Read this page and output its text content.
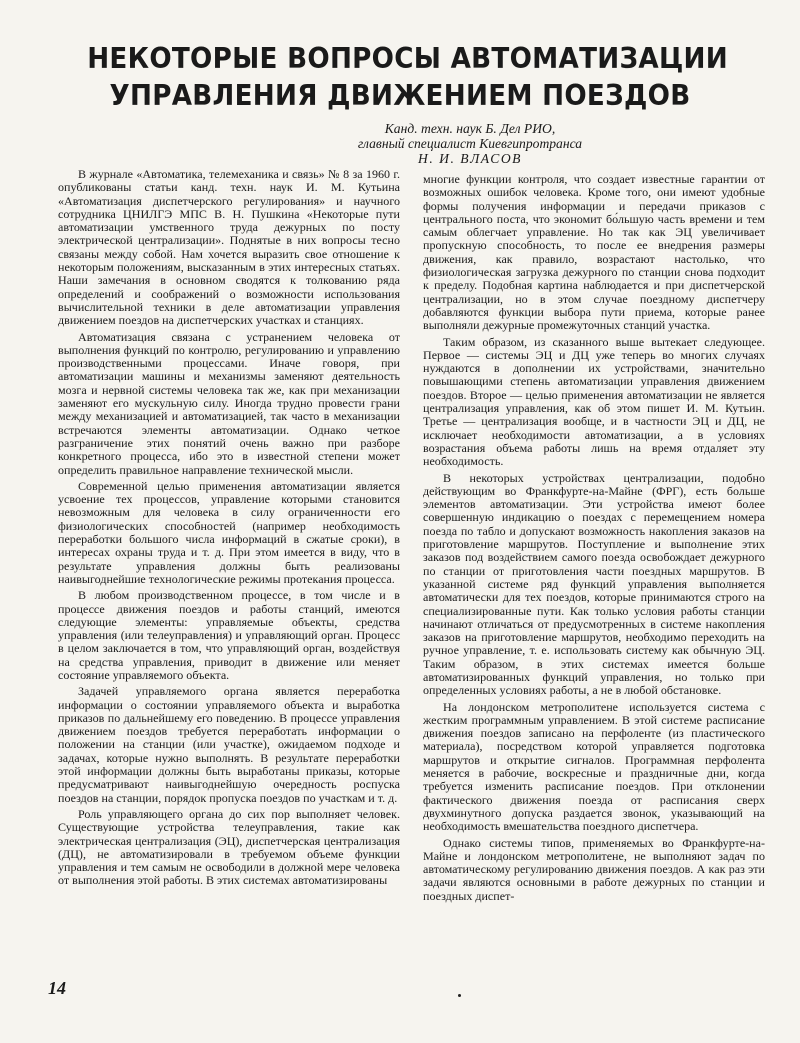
НЕКОТОРЫЕ ВОПРОСЫ АВТОМАТИЗАЦИИ
УПРАВЛЕНИЯ ДВИЖЕНИЕМ ПОЕЗДОВ
Канд. техн. наук Б. Дел РИО,
главный специалист Киевгипротранса
Н. И. ВЛАСОВ

В журнале «Автоматика, телемеханика и связь» № 8 за 1960 г. опубликованы статьи канд. техн. наук И. М. Кутьина «Автоматизация диспетчерского регулирования» и научного сотрудника ЦНИЛГЭ МПС В. Н. Пушкина «Некоторые пути автоматизации умственного труда дежурных по посту электрической централизации». Поднятые в них вопросы тесно связаны между собой. Нам хочется выразить свое отношение к некоторым положениям, высказанным в этих интересных статьях. Наши замечания в основном сводятся к толкованию ряда определений и соображений о возможности использования вычислительной техники в деле автоматизации управления движением поездов на диспетчерских участках и станциях.

Автоматизация связана с устранением человека от выполнения функций по контролю, регулированию и управлению производственными процессами. Иначе говоря, при автоматизации машины и механизмы заменяют деятельность мозга и нервной системы человека так же, как при механизации заменяют его мускульную силу. Иногда трудно провести грани между механизацией и автоматизацией, так часто в механизации встречаются элементы автоматизации. Однако четкое разграничение этих понятий очень важно при разборе конкретного процесса, ибо это в известной степени может определить правильное направление технической мысли.

Современной целью применения автоматизации является усвоение тех процессов, управление которыми становится невозможным для человека в силу ограниченности его физиологических способностей (например необходимость переработки большого числа информаций в сжатые сроки), в интересах охраны труда и т. д. При этом имеется в виду, что в результате управления должны быть реализованы наивыгоднейшие технологические режимы протекания процесса.

В любом производственном процессе, в том числе и в процессе движения поездов и работы станций, имеются следующие элементы: управляемые объекты, средства управления (или телеуправления) и управляющий орган. Процесс в целом заключается в том, что управляющий орган, воздействуя на средства управления, приводит в движение или меняет состояние управляемого объекта.

Задачей управляемого органа является переработка информации о состоянии управляемого объекта и выработка приказов по дальнейшему его поведению. В процессе управления движением поездов требуется переработать информации о положении на станции (или участке), ожидаемом подходе и задачах, которые нужно выполнять. В результате переработки этой информации должны быть выработаны приказы, которые предусматривают наивыгоднейшую очередность роспуска поездов на станции, порядок пропуска поездов по участкам и т. д.

Роль управляющего органа до сих пор выполняет человек. Существующие устройства телеуправления, такие как электрическая централизация (ЭЦ), диспетчерская централизация (ДЦ), не автоматизировали в требуемом объеме функции управления и тем самым не освободили в должной мере человека от выполнения этой работы. В этих системах автоматизированы

многие функции контроля, что создает известные гарантии от возможных ошибок человека. Кроме того, они имеют удобные формы получения информации и передачи приказов с центрального поста, что экономит бо́льшую часть времени и тем самым облегчает управление. Но так как ЭЦ увеличивает пропускную способность, то после ее внедрения размеры движения, как правило, возрастают настолько, что физиологическая загрузка дежурного по станции снова подходит к пределу. Подобная картина наблюдается и при диспетчерской централизации, но в этом случае поездному диспетчеру добавляются функции выбора пути приема, которые ранее выполняли дежурные промежуточных станций участка.

Таким образом, из сказанного выше вытекает следующее. Первое — системы ЭЦ и ДЦ уже теперь во многих случаях нуждаются в дополнении их устройствами, значительно повышающими степень автоматизации управления движением поездов. Второе — целью применения автоматизации не является централизация управления, как об этом пишет И. М. Кутьин. Третье — централизация вообще, и в частности ЭЦ и ДЦ, не исключает необходимости автоматизации, а в условиях возрастания объема работы лишь на время отдаляет эту необходимость.

В некоторых устройствах централизации, подобно действующим во Франкфурте-на-Майне (ФРГ), есть больше элементов автоматизации. Эти устройства имеют более совершенную индикацию о поездах с перемещением номера поезда по табло и допускают возможность накопления заказов на приготовление маршрутов. Поступление и выполнение этих заказов под воздействием самого поезда освобождает дежурного по станции от приготовления части поездных маршрутов. В указанной системе ряд функций управления выполняется автоматически для тех поездов, которые принимаются строго на специализированные пути. Как только условия работы станции начинают отличаться от предусмотренных в системе накопления заказов на приготовление маршрутов, необходимо переходить на ручное управление, т. е. использовать систему как обычную ЭЦ. Таким образом, в этих системах имеется больше автоматизированных функций управления, но только при определенных условиях работы, а не в любой обстановке.

На лондонском метрополитене используется система с жестким программным управлением. В этой системе расписание движения поездов записано на перфоленте (из пластического материала), посредством которой управляется подготовка маршрутов и открытие сигналов. Программная перфолента меняется в рабочие, воскресные и праздничные дни, когда требуется изменить расписание поездов. При отклонении фактического движения поезда от расписания сверх двухминутного допуска раздается звонок, указывающий на необходимость вмешательства поездного диспетчера.

Однако системы типов, применяемых во Франкфурте-на-Майне и лондонском метрополитене, не выполняют задач по автоматическому регулированию движения поездов. А как раз эти задачи являются основными в работе дежурных по станции и поездных диспет-

14
